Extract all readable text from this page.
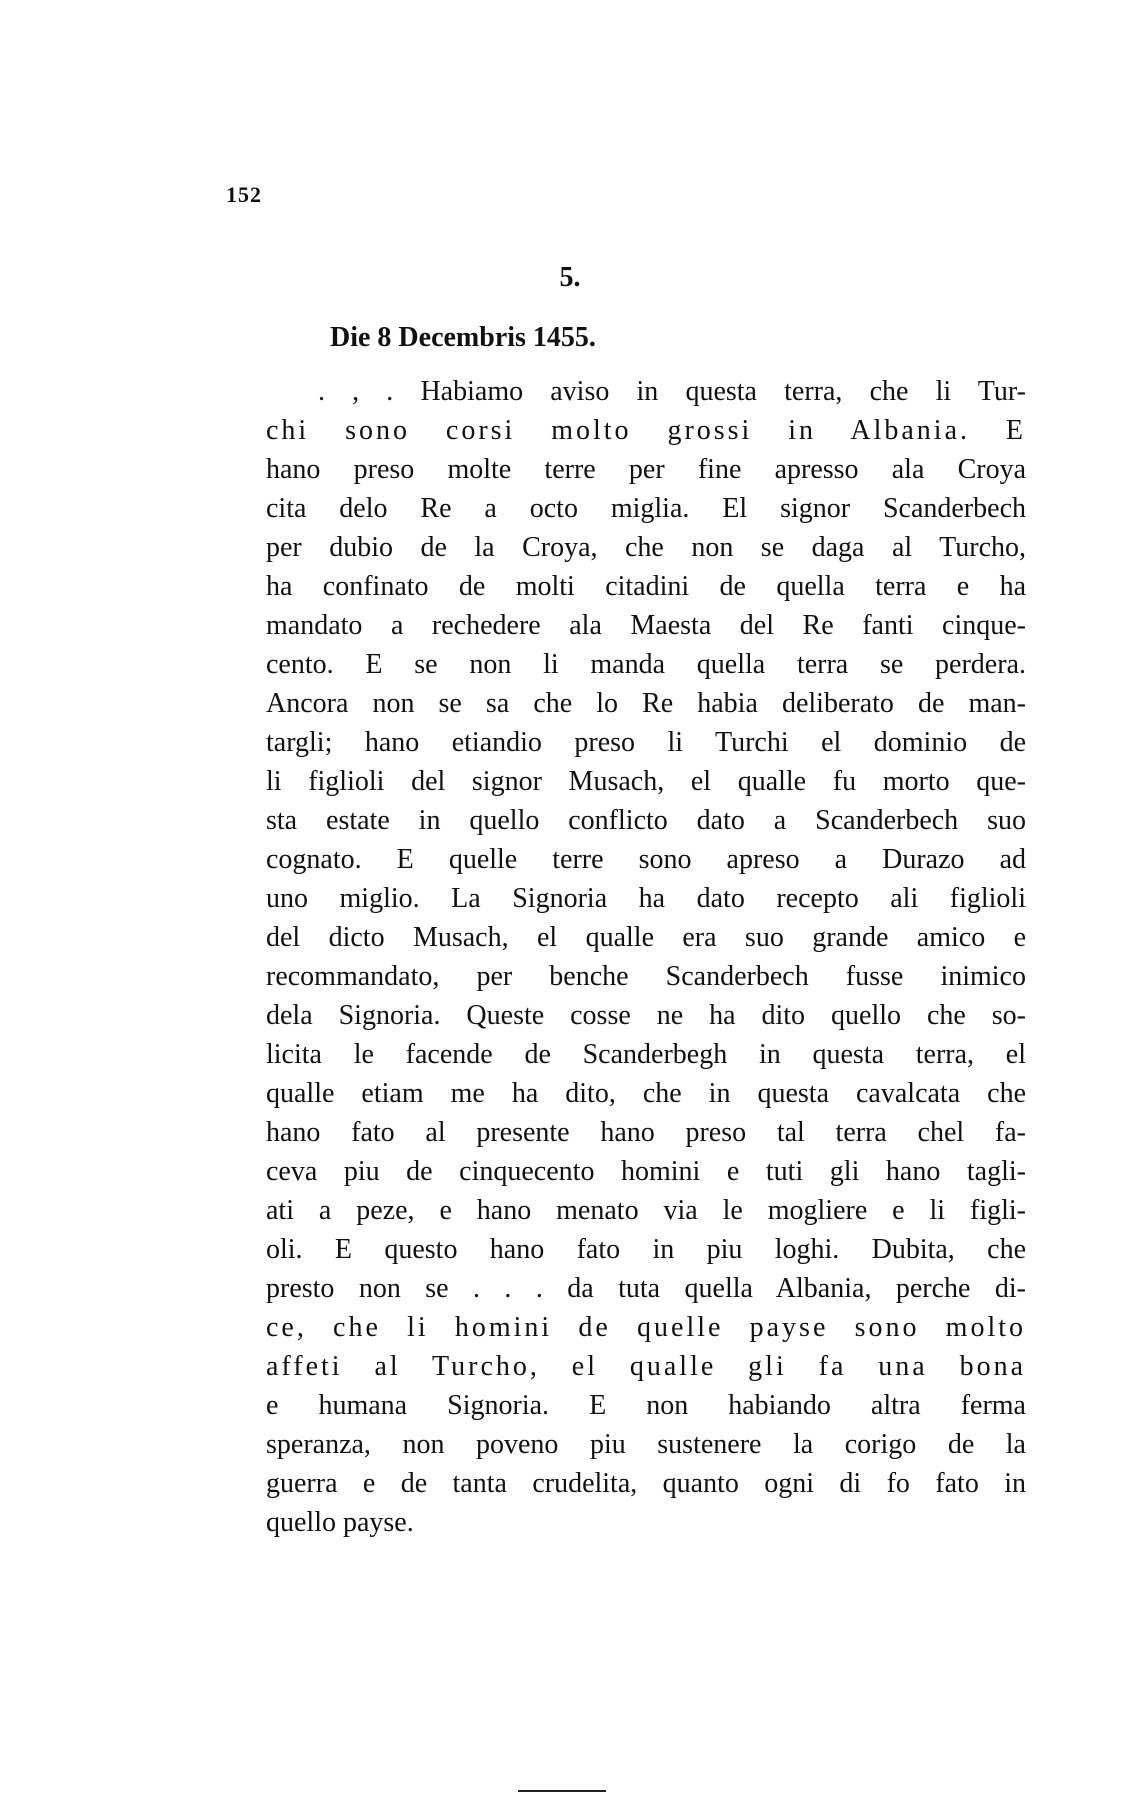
152
5.
Die 8 Decembris 1455.
. , . Habiamo aviso in questa terra, che li Tur-
chi sono corsi molto grossi in Albania. E
hano preso molte terre per fine apresso ala Croya
cita delo Re a octo miglia. El signor Scanderbech
per dubio de la Croya, che non se daga al Turcho,
ha confinato de molti citadini de quella terra e ha
mandato a rechedere ala Maesta del Re fanti cinque-
cento. E se non li manda quella terra se perdera.
Ancora non se sa che lo Re habia deliberato de man-
targli; hano etiandio preso li Turchi el dominio de
li figlioli del signor Musach, el qualle fu morto que-
sta estate in quello conflicto dato a Scanderbech suo
cognato. E quelle terre sono apreso a Durazo ad
uno miglio. La Signoria ha dato recepto ali figlioli
del dicto Musach, el qualle era suo grande amico e
recommandato, per benche Scanderbech fusse inimico
dela Signoria. Queste cosse ne ha dito quello che so-
licita le facende de Scanderbegh in questa terra, el
qualle etiam me ha dito, che in questa cavalcata che
hano fato al presente hano preso tal terra chel fa-
ceva piu de cinquecento homini e tuti gli hano tagli-
ati a peze, e hano menato via le mogliere e li figli-
oli. E questo hano fato in piu loghi. Dubita, che
presto non se . . . da tuta quella Albania, perche di-
ce, che li homini de quelle payse sono molto
affeti al Turcho, el qualle gli fa una bona
e humana Signoria. E non habiando altra ferma
speranza, non poveno piu sustenere la corigo de la
guerra e de tanta crudelita, quanto ogni di fo fato in
quello payse.
